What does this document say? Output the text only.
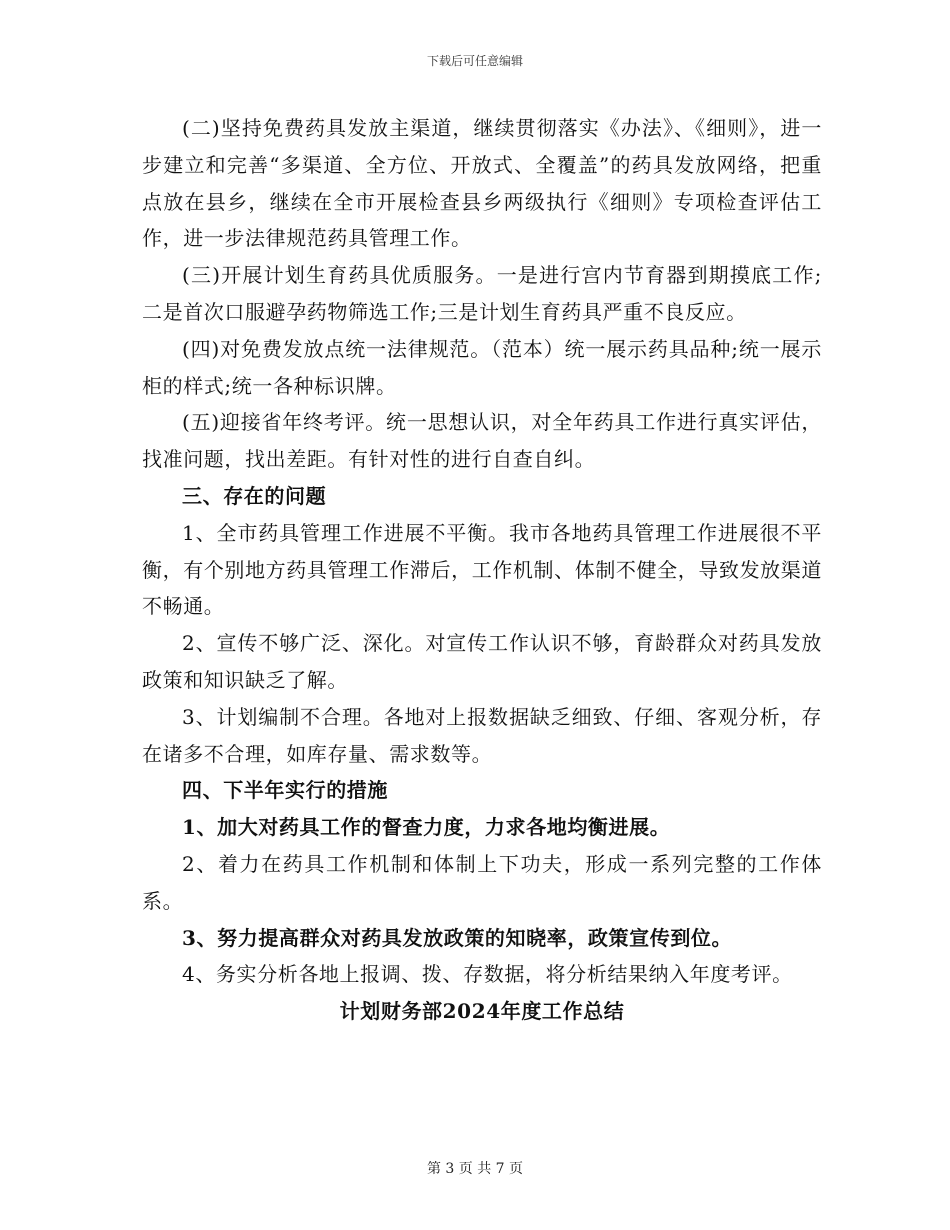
下载后可任意编辑

(二)坚持免费药具发放主渠道，继续贯彻落实《办法》、《细则》，进一步建立和完善“多渠道、全方位、开放式、全覆盖”的药具发放网络，把重点放在县乡，继续在全市开展检查县乡两级执行《细则》专项检查评估工作，进一步法律规范药具管理工作。

(三)开展计划生育药具优质服务。一是进行宫内节育器到期摸底工作;二是首次口服避孕药物筛选工作;三是计划生育药具严重不良反应。

(四)对免费发放点统一法律规范。（范本）统一展示药具品种;统一展示柜的样式;统一各种标识牌。

(五)迎接省年终考评。统一思想认识，对全年药具工作进行真实评估，找准问题，找出差距。有针对性的进行自查自纠。

三、存在的问题

1、全市药具管理工作进展不平衡。我市各地药具管理工作进展很不平衡，有个别地方药具管理工作滞后，工作机制、体制不健全，导致发放渠道不畅通。

2、宣传不够广泛、深化。对宣传工作认识不够，育龄群众对药具发放政策和知识缺乏了解。

3、计划编制不合理。各地对上报数据缺乏细致、仔细、客观分析，存在诸多不合理，如库存量、需求数等。

四、下半年实行的措施

1、加大对药具工作的督查力度，力求各地均衡进展。

2、着力在药具工作机制和体制上下功夫，形成一系列完整的工作体系。

3、努力提高群众对药具发放政策的知晓率，政策宣传到位。

4、务实分析各地上报调、拨、存数据，将分析结果纳入年度考评。

计划财务部2024年度工作总结

第 3 页 共 7 页
